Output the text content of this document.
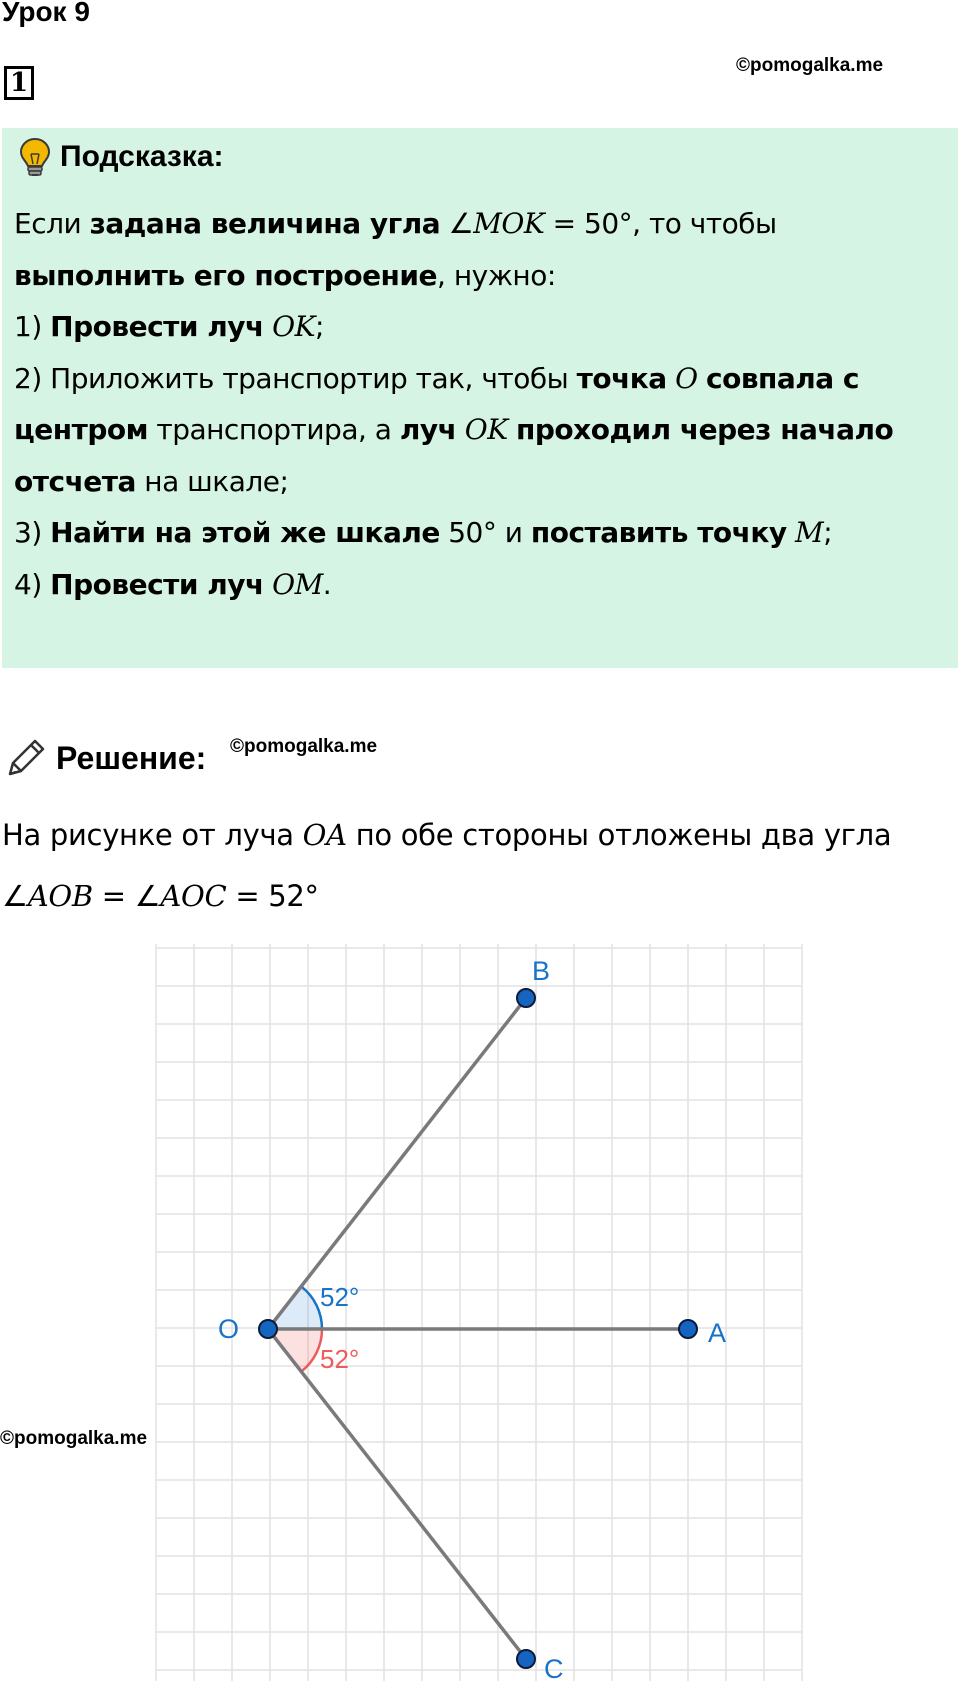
Урок 9
1
©pomogalka.me
Подсказка:

Если задана величина угла ∠MOK = 50°, то чтобы

выполнить его построение, нужно:

1) Провести луч OK;

2) Приложить транспортир так, чтобы точка O совпала с

центром транспортира, а луч OK проходил через начало

отсчета на шкале;

3) Найти на этой же шкале 50° и поставить точку M;

4) Провести луч OM.

Решение: ©pomogalka.me

На рисунке от луча OA по обе стороны отложены два угла

∠AOB = ∠AOC = 52°

O	A
B
C
52°
52°
©pomogalka.me
